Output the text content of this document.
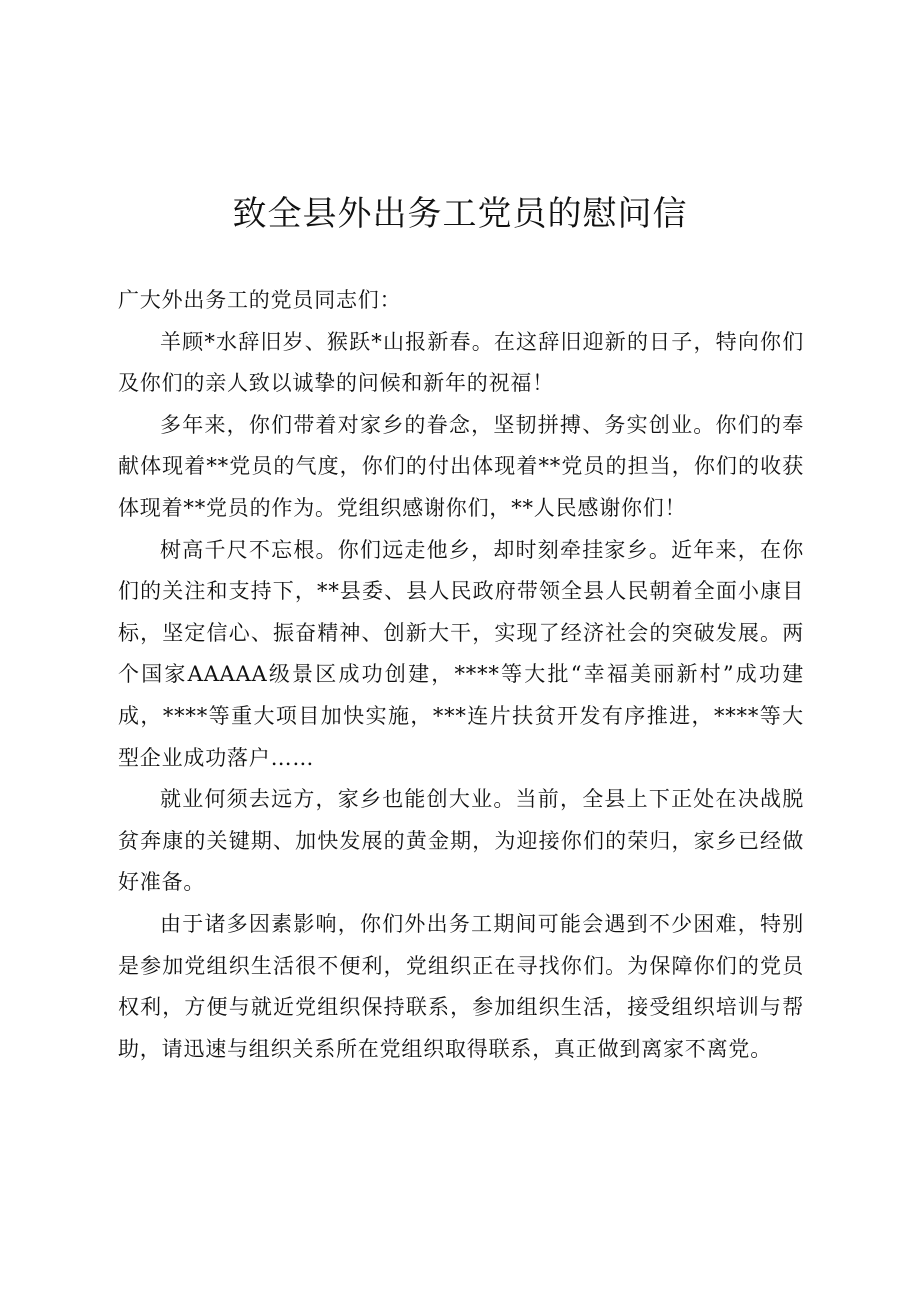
致全县外出务工党员的慰问信

广大外出务工的党员同志们：

羊顾*水辞旧岁、猴跃*山报新春。在这辞旧迎新的日子，特向你们及你们的亲人致以诚挚的问候和新年的祝福！

多年来，你们带着对家乡的眷念，坚韧拼搏、务实创业。你们的奉献体现着**党员的气度，你们的付出体现着**党员的担当，你们的收获体现着**党员的作为。党组织感谢你们，**人民感谢你们！

树高千尺不忘根。你们远走他乡，却时刻牵挂家乡。近年来，在你们的关注和支持下，**县委、县人民政府带领全县人民朝着全面小康目标，坚定信心、振奋精神、创新大干，实现了经济社会的突破发展。两个国家AAAAA级景区成功创建，****等大批“幸福美丽新村”成功建成，****等重大项目加快实施，***连片扶贫开发有序推进，****等大型企业成功落户……

就业何须去远方，家乡也能创大业。当前，全县上下正处在决战脱贫奔康的关键期、加快发展的黄金期，为迎接你们的荣归，家乡已经做好准备。

由于诸多因素影响，你们外出务工期间可能会遇到不少困难，特别是参加党组织生活很不便利，党组织正在寻找你们。为保障你们的党员权利，方便与就近党组织保持联系，参加组织生活，接受组织培训与帮助，请迅速与组织关系所在党组织取得联系，真正做到离家不离党。
